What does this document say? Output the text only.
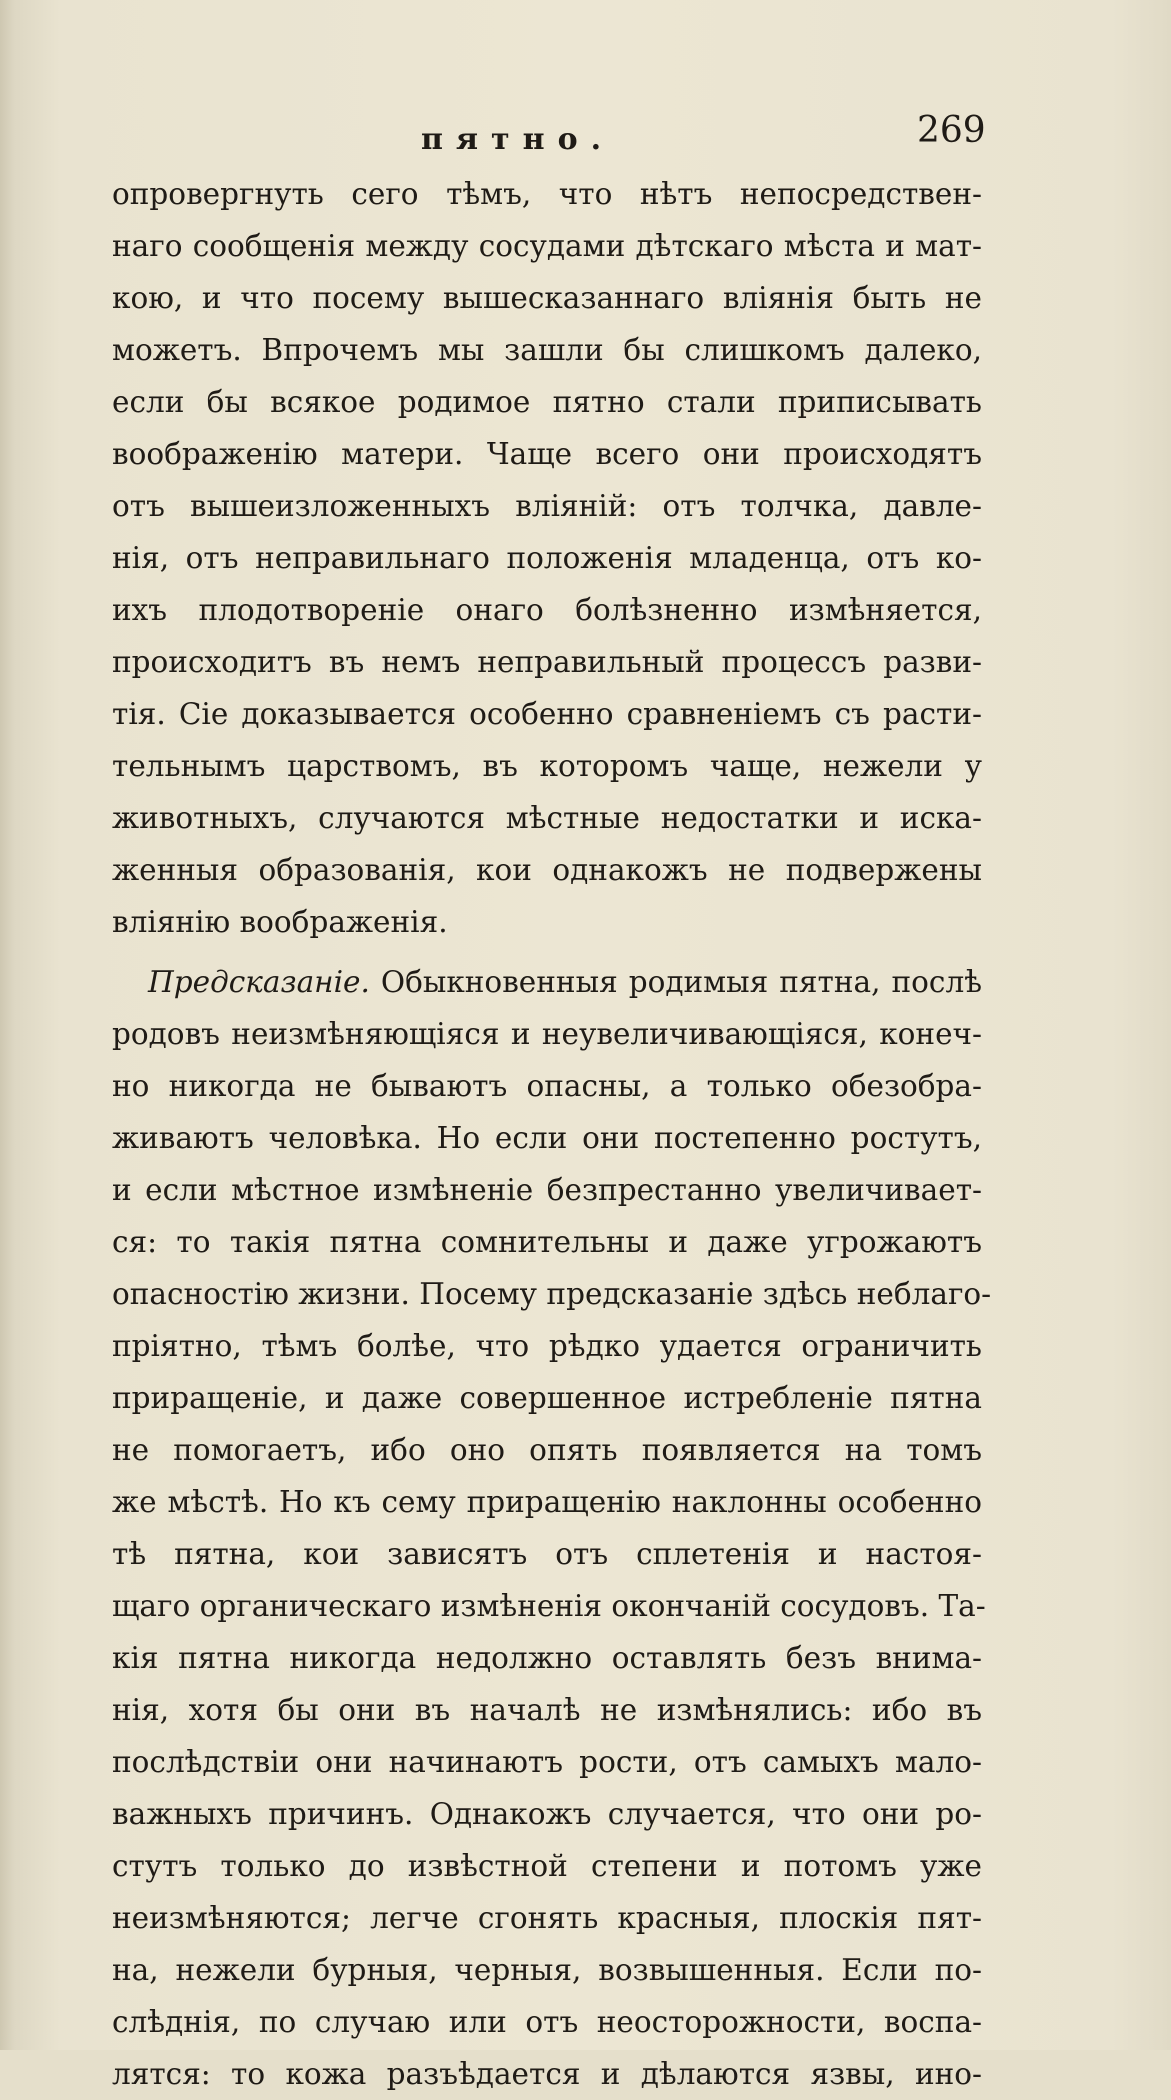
пятно.	269
опровергнуть сего тѣмъ, что нѣтъ непосредствен-
наго сообщенія между сосудами дѣтскаго мѣста и мат-
кою, и что посему вышесказаннаго вліянія быть не
можетъ. Впрочемъ мы зашли бы слишкомъ далеко,
если бы всякое родимое пятно стали приписывать
воображенію матери. Чаще всего они происходятъ
отъ вышеизложенныхъ вліяній: отъ толчка, давле-
нія, отъ неправильнаго положенія младенца, отъ ко-
ихъ плодотвореніе онаго болѣзненно измѣняется,
происходитъ въ немъ неправильный процессъ разви-
тія. Сіе доказывается особенно сравненіемъ съ расти-
тельнымъ царствомъ, въ которомъ чаще, нежели у
животныхъ, случаются мѣстные недостатки и иска-
женныя образованія, кои однакожъ не подвержены
вліянію воображенія.
Предсказаніе. Обыкновенныя родимыя пятна, послѣ
родовъ неизмѣняющіяся и неувеличивающіяся, конеч-
но никогда не бываютъ опасны, а только обезобра-
живаютъ человѣка. Но если они постепенно ростутъ,
и если мѣстное измѣненіе безпрестанно увеличивает-
ся: то такія пятна сомнительны и даже угрожаютъ
опасностію жизни. Посему предсказаніе здѣсь неблаго-
пріятно, тѣмъ болѣе, что рѣдко удается ограничить
приращеніе, и даже совершенное истребленіе пятна
не помогаетъ, ибо оно опять появляется на томъ
же мѣстѣ. Но къ сему приращенію наклонны особенно
тѣ пятна, кои зависятъ отъ сплетенія и настоя-
щаго органическаго измѣненія окончаній сосудовъ. Та-
кія пятна никогда недолжно оставлять безъ внима-
нія, хотя бы они въ началѣ не измѣнялись: ибо въ
послѣдствіи они начинаютъ рости, отъ самыхъ мало-
важныхъ причинъ. Однакожъ случается, что они ро-
стутъ только до извѣстной степени и потомъ уже
неизмѣняются; легче сгонять красныя, плоскія пят-
на, нежели бурныя, черныя, возвышенныя. Если по-
слѣднія, по случаю или отъ неосторожности, воспа-
лятся: то кожа разъѣдается и дѣлаются язвы, ино-
